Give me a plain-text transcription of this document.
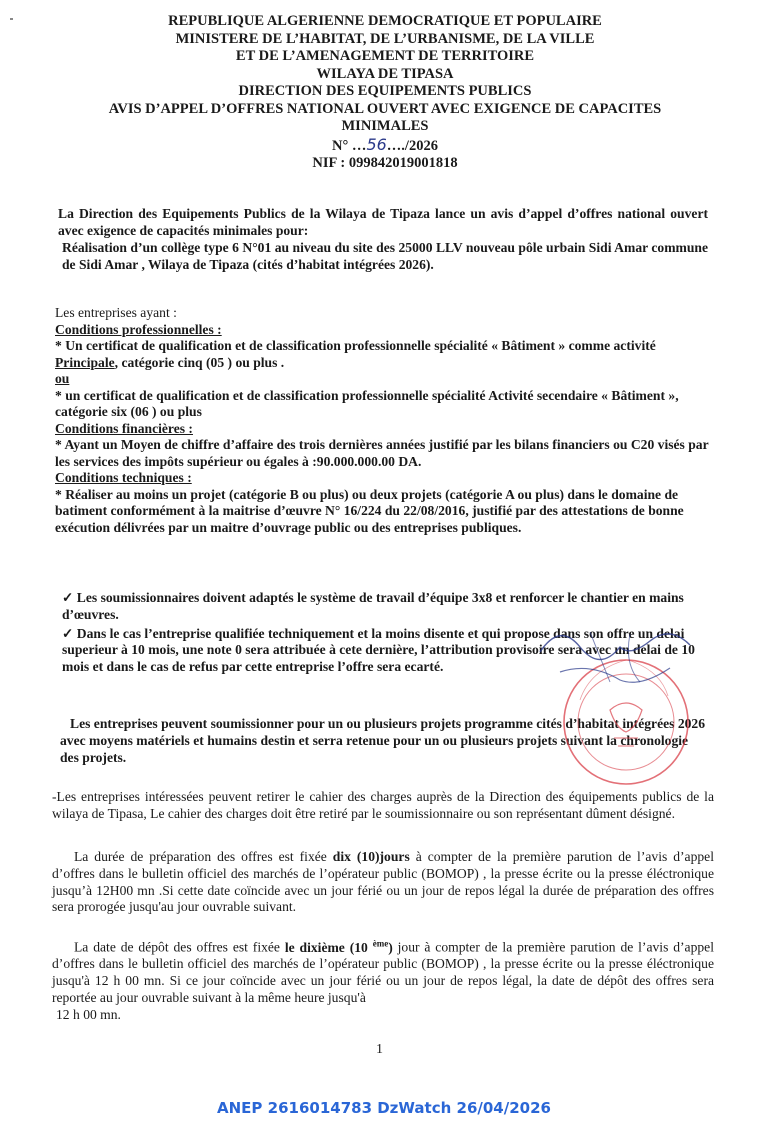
REPUBLIQUE ALGERIENNE DEMOCRATIQUE ET POPULAIRE
MINISTERE DE L’HABITAT, DE L’URBANISME, DE LA VILLE
ET DE L’AMENAGEMENT DE TERRITOIRE
WILAYA DE TIPASA
DIRECTION DES EQUIPEMENTS PUBLICS
AVIS D’APPEL D’OFFRES NATIONAL OUVERT AVEC EXIGENCE DE CAPACITES
MINIMALES
N° …56…./2026
NIF : 099842019001818
La Direction des Equipements Publics de la Wilaya de Tipaza lance un avis d’appel d’offres national ouvert avec exigence de capacités minimales pour:
Réalisation d’un collège type 6 N°01 au niveau du site des 25000 LLV nouveau pôle urbain Sidi Amar commune de Sidi Amar , Wilaya de Tipaza (cités d’habitat intégrées 2026).

Les entreprises ayant :

Conditions professionnelles :

* Un certificat de qualification et de classification professionnelle spécialité « Bâtiment » comme activité Principale, catégorie cinq (05 ) ou plus .

ou

* un certificat de qualification et de classification professionnelle spécialité Activité secendaire « Bâtiment », catégorie six (06 ) ou plus

Conditions financières :

* Ayant un Moyen de chiffre d’affaire des trois dernières années justifié par les bilans financiers ou C20 visés par les services des impôts supérieur ou égales à :90.000.000.00 DA.

Conditions techniques :

* Réaliser au moins un projet (catégorie B ou plus) ou deux projets (catégorie A ou plus) dans le domaine de batiment conformément à la maitrise d’œuvre N° 16/224 du 22/08/2016, justifié par des attestations de bonne exécution délivrées par un maitre d’ouvrage public ou des entreprises publiques.

✓ Les soumissionnaires doivent adaptés le système de travail d’équipe 3x8 et renforcer le chantier en mains d’œuvres.

✓ Dans le cas l’entreprise qualifiée techniquement et la moins disente et qui propose dans son offre un delai superieur à 10 mois, une note 0 sera attribuée à cete dernière, l’attribution provisoire sera avec un delai de 10 mois et dans le cas de refus par cette entreprise l’offre sera ecarté.

Les entreprises peuvent soumissionner pour un ou plusieurs projets programme cités d’habitat intégrées 2026 avec moyens matériels et humains destin et serra retenue pour un ou plusieurs projets suivant la chronologie des projets.
-Les entreprises intéressées peuvent retirer le cahier des charges auprès de la Direction des équipements publics de la wilaya de Tipasa, Le cahier des charges doit être retiré par le soumissionnaire ou son représentant dûment désigné.
La durée de préparation des offres est fixée dix (10)jours à compter de la première parution de l’avis d’appel d’offres dans le bulletin officiel des marchés de l’opérateur public (BOMOP) , la presse écrite ou la presse éléctronique jusqu’à 12H00 mn .Si cette date coïncide avec un jour férié ou un jour de repos légal la durée de préparation des offres sera prorogée jusqu'au jour ouvrable suivant.
La date de dépôt des offres est fixée le dixième (10 $^{ème}$) jour à compter de la première parution de l’avis d’appel d’offres dans le bulletin officiel des marchés de l’opérateur public (BOMOP) , la presse écrite ou la presse éléctronique jusqu'à 12 h 00 mn. Si ce jour coïncide avec un jour férié ou un jour de repos légal, la date de dépôt des offres sera reportée au jour ouvrable suivant à la même heure jusqu'à
12 h 00 mn.
1
ANEP 2616014783 DzWatch 26/04/2026
